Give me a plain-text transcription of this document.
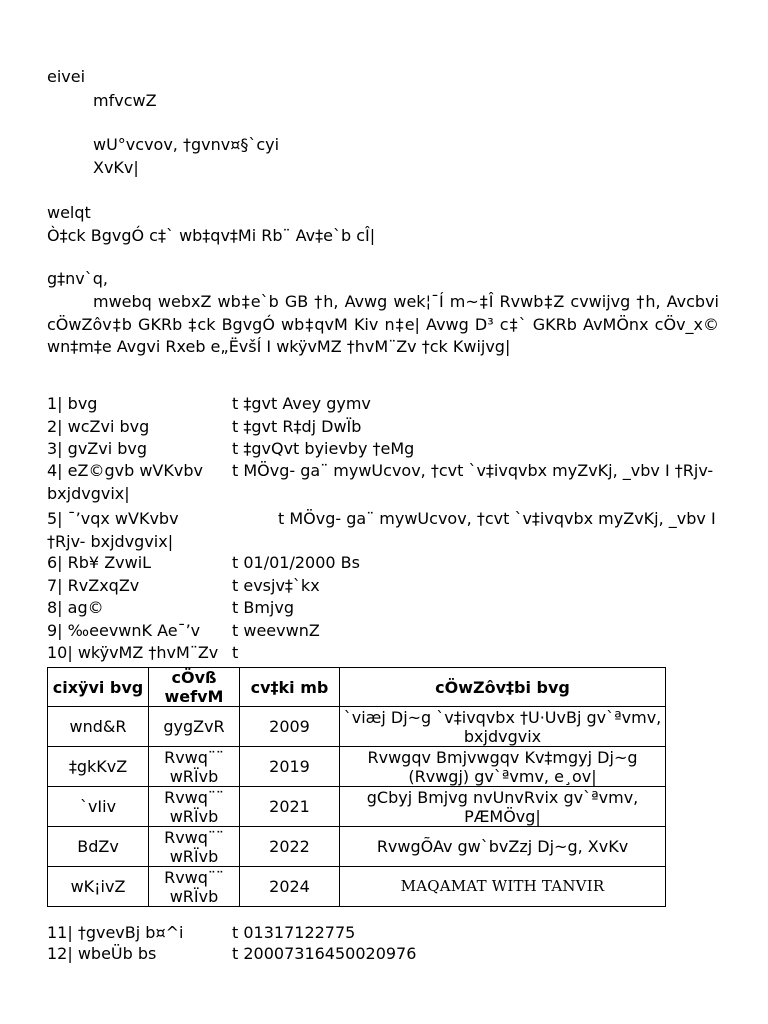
eivei
mfvcwZ
wU°vcvov, †gvnv¤§`cyi
XvKv|
welqt
Ò‡ck BgvgÓ c‡` wb‡qv‡Mi Rb¨ Av‡e`b cÎ|
g‡nv`q,
mwebq webxZ wb‡e`b GB †h, Avwg wek¦¯Í m~‡Î Rvwb‡Z cvwijvg †h, Avcbvi cÖwZôv‡b GKRb ‡ck BgvgÓ wb‡qvM Kiv n‡e| Avwg D³ c‡` GKRb AvMÖnx cÖv_x© wn‡m‡e Avgvi Rxeb e„ËvšÍ I wkÿvMZ †hvM¨Zv †ck Kwijvg|
1| bvg	t ‡gvt Avey gymv
2| wcZvi bvg	t ‡gvt R‡dj DwÏb
3| gvZvi bvg	t ‡gvQvt byievby †eMg
4| eZ©gvb wVKvbv t MÖvg- ga¨ mywUcvov, †cvt `v‡ivqvbx myZvKj, _vbv I †Rjv- bxjdvgvix|
5| ¯’vqx wVKvbv	t MÖvg- ga¨ mywUcvov, †cvt `v‡ivqvbx myZvKj, _vbv I †Rjv- bxjdvgvix|
6| Rb¥ ZvwiL	t 01/01/2000 Bs
7| RvZxqZv	t evsjv‡`kx
8| ag©	t Bmjvg
9| ‰eevwnK Ae¯’v t weevwnZ
10| wkÿvMZ †hvM¨Zv t
cixÿvi bvg	cÖvß wefvM	cv‡ki mb	cÖwZôv‡bi bvg
wnd&R	gygZvR	2009	`viæj Dj~g `v‡ivqvbx †U·UvBj gv`ªvmv, bxjdvgvix
‡gkKvZ	Rvwq¨¨ wRÏvb	2019	Rvwgqv Bmjvwgqv Kv‡mgyj Dj~g (Rvwgj) gv`ªvmv, e¸ov|
`vIiv	Rvwq¨¨ wRÏvb	2021	gCbyj Bmjvg nvUnvRvix gv`ªvmv, PÆMÖvg|
BdZv	Rvwq¨¨ wRÏvb	2022	RvwgÕAv gw`bvZzj Dj~g, XvKv
wK¡ivZ	Rvwq¨¨ wRÏvb	2024	MAQAMAT WITH TANVIR
11| †gvevBj b¤^i	t 01317122775
12| wbeÜb bs	t 20007316450020976
